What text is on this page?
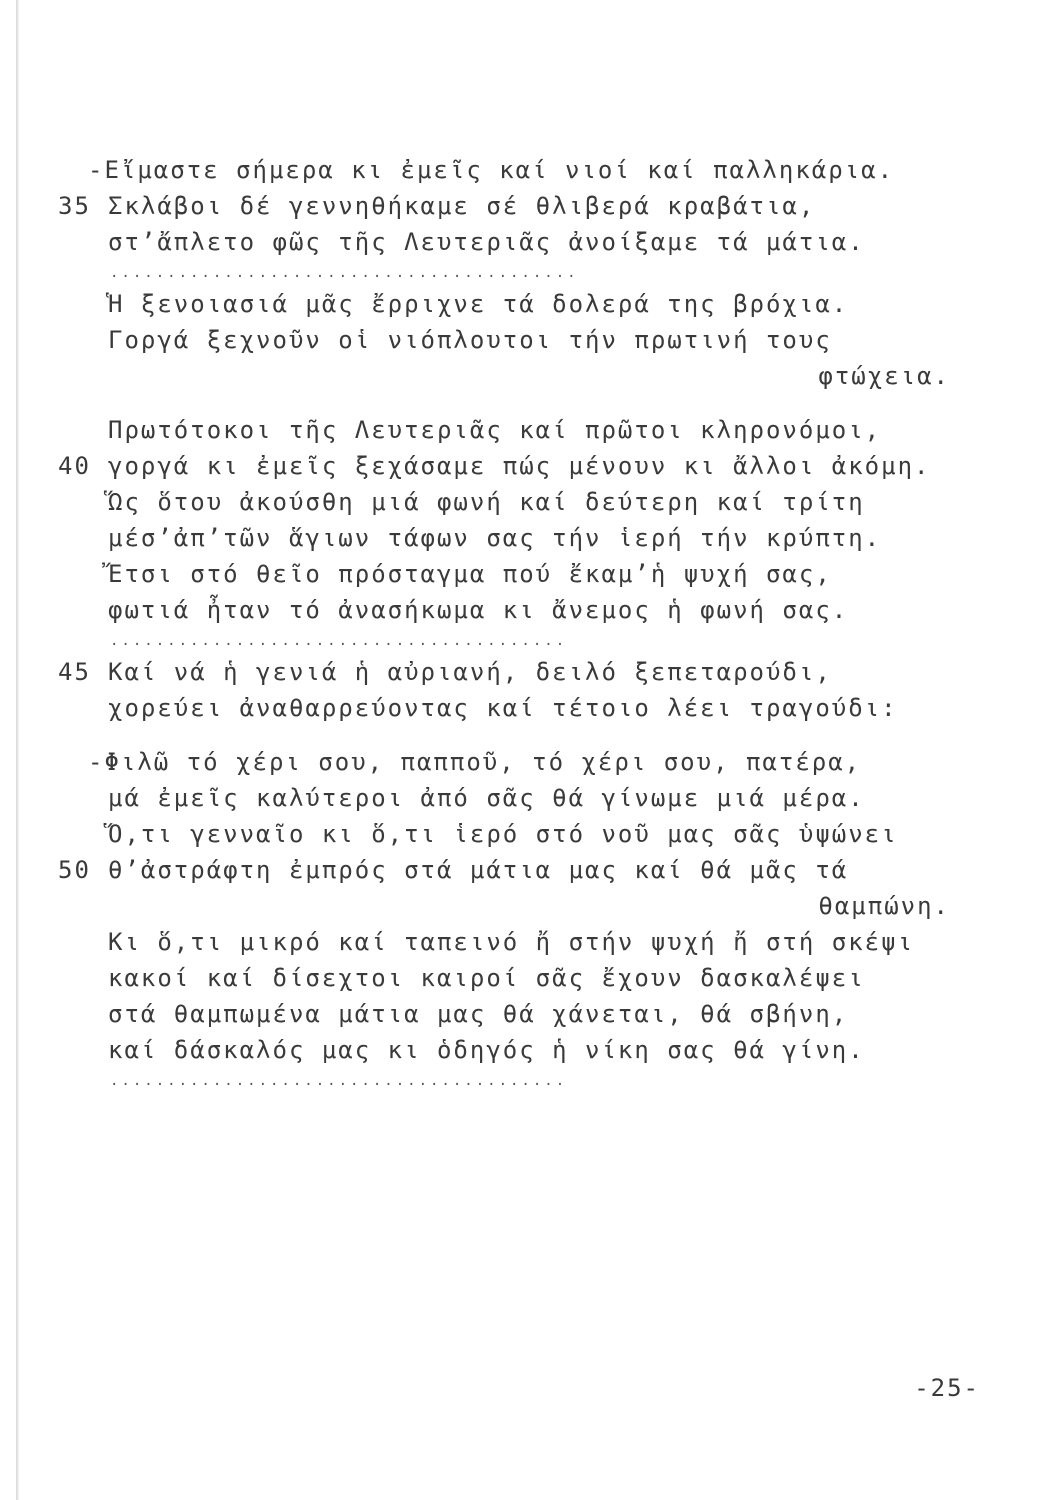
-Εἴμαστε σήμερα κι ἐμεῖς καί νιοί καί παλληκάρια.

35

Σκλάβοι δέ γεννηθήκαμε σέ θλιβερά κραβάτια,

στ’ἄπλετο φῶς τῆς Λευτεριᾶς ἀνοίξαμε τά μάτια.

.........................................

Ἡ ξενοιασιά μᾶς ἔρριχνε τά δολερά της βρόχια.

Γοργά ξεχνοῦν οἱ νιόπλουτοι τήν πρωτινή τους

φτώχεια.

Πρωτότοκοι τῆς Λευτεριᾶς καί πρῶτοι κληρονόμοι,

40

γοργά κι ἐμεῖς ξεχάσαμε πώς μένουν κι ἄλλοι ἀκόμη.

Ὥς ὅτου ἀκούσθη μιά φωνή καί δεύτερη καί τρίτη

μέσ’ἀπ’τῶν ἅγιων τάφων σας τήν ἱερή τήν κρύπτη.

Ἔτσι στό θεῖο πρόσταγμα πού ἔκαμ’ἡ ψυχή σας,

φωτιά ἦταν τό ἀνασήκωμα κι ἄνεμος ἡ φωνή σας.

........................................

45

Καί νά ἡ γενιά ἡ αὐριανή, δειλό ξεπεταρούδι,

χορεύει ἀναθαρρεύοντας καί τέτοιο λέει τραγούδι:

-Φιλῶ τό χέρι σου, παπποῦ, τό χέρι σου, πατέρα,

μά ἐμεῖς καλύτεροι ἀπό σᾶς θά γίνωμε μιά μέρα.

Ὅ,τι γενναῖο κι ὅ,τι ἱερό στό νοῦ μας σᾶς ὑψώνει

50

θ’ἀστράφτη ἐμπρός στά μάτια μας καί θά μᾶς τά

θαμπώνη.

Κι ὅ,τι μικρό καί ταπεινό ἤ στήν ψυχή ἤ στή σκέψι

κακοί καί δίσεχτοι καιροί σᾶς ἔχουν δασκαλέψει

στά θαμπωμένα μάτια μας θά χάνεται, θά σβήνη,

καί δάσκαλός μας κι ὁδηγός ἡ νίκη σας θά γίνη.

........................................
-25-
